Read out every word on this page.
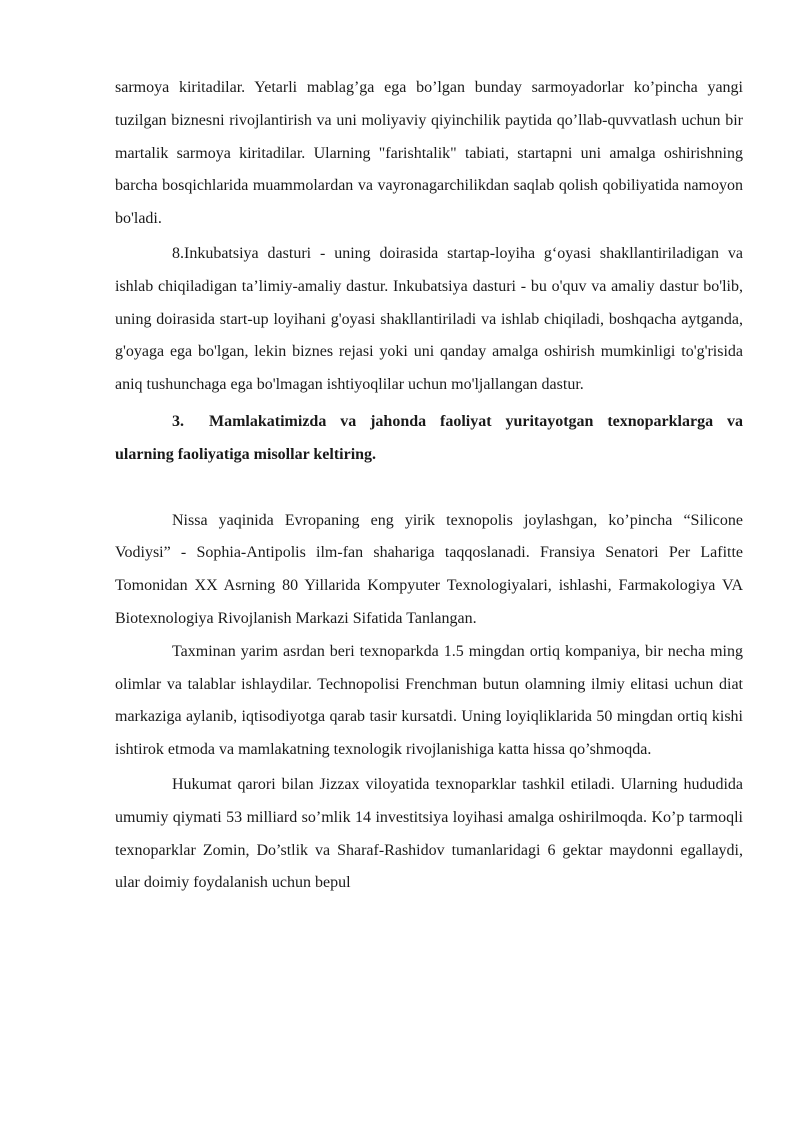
sarmoya kiritadilar. Yetarli mablag’ga ega bo’lgan bunday sarmoyadorlar ko’pincha yangi tuzilgan biznesni rivojlantirish va uni moliyaviy qiyinchilik paytida qo’llab-quvvatlash uchun bir martalik sarmoya kiritadilar. Ularning "farishtalik" tabiati, startapni uni amalga oshirishning barcha bosqichlarida muammolardan va vayronagarchilikdan saqlab qolish qobiliyatida namoyon bo'ladi.

8.Inkubatsiya dasturi - uning doirasida startap-loyiha g‘oyasi shakllantiriladigan va ishlab chiqiladigan ta’limiy-amaliy dastur. Inkubatsiya dasturi - bu o'quv va amaliy dastur bo'lib, uning doirasida start-up loyihani g'oyasi shakllantiriladi va ishlab chiqiladi, boshqacha aytganda, g'oyaga ega bo'lgan, lekin biznes rejasi yoki uni qanday amalga oshirish mumkinligi to'g'risida aniq tushunchaga ega bo'lmagan ishtiyoqlilar uchun mo'ljallangan dastur.

3. Mamlakatimizda va jahonda faoliyat yuritayotgan texnoparklarga va ularning faoliyatiga misollar keltiring.

Nissa yaqinida Evropaning eng yirik texnopolis joylashgan, ko’pincha “Silicone Vodiysi” - Sophia-Antipolis ilm-fan shahariga taqqoslanadi. Fransiya Senatori Per Lafitte Tomonidan XX Asrning 80 Yillarida Kompyuter Texnologiyalari, ishlashi, Farmakologiya VA Biotexnologiya Rivojlanish Markazi Sifatida Tanlangan.

Taxminan yarim asrdan beri texnoparkda 1.5 mingdan ortiq kompaniya, bir necha ming olimlar va talablar ishlaydilar. Technopolisi Frenchman butun olamning ilmiy elitasi uchun diat markaziga aylanib, iqtisodiyotga qarab tasir kursatdi. Uning loyiqliklarida 50 mingdan ortiq kishi ishtirok etmoda va mamlakatning texnologik rivojlanishiga katta hissa qo’shmoqda.

Hukumat qarori bilan Jizzax viloyatida texnoparklar tashkil etiladi. Ularning hududida umumiy qiymati 53 milliard so’mlik 14 investitsiya loyihasi amalga oshirilmoqda. Ko’p tarmoqli texnoparklar Zomin, Do’stlik va Sharaf-Rashidov tumanlaridagi 6 gektar maydonni egallaydi, ular doimiy foydalanish uchun bepul
